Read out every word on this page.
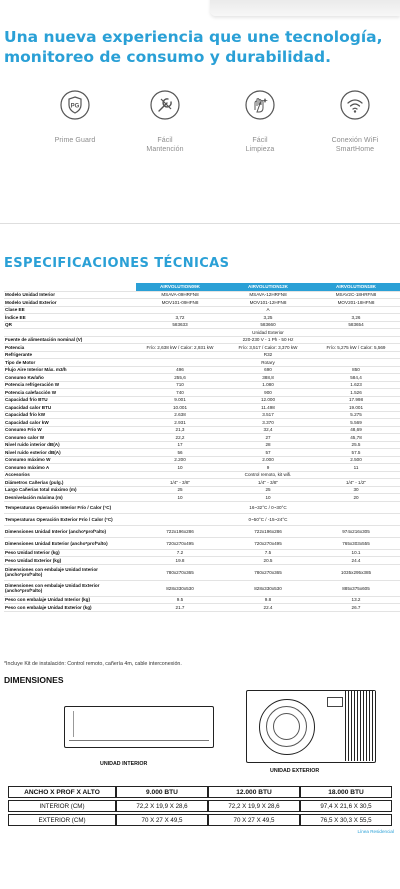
Una nueva experiencia que une tecnología, monitoreo de consumo y durabilidad.
PG
Prime Guard	Fácil
Mantención
Fácil
Limpieza
Conexión WiFi
SmartHome
ESPECIFICACIONES TÉCNICAS
	AIRVOLUTION09K	AIRVOLUTION12K	AIRVOLUTION18K
Modelo Unidad Interior	MSAVA-09HRFN8	MSAVA-12HRFN8	MSAV2C-18HRFN8
Modelo Unidad Exterior	MOV101-09HFN8	MOV101-12HFN8	MOV201-18HFN8
Clase EE		A	
Índice EE	3,72	3,25	3,26
QR	583633	583660	583654
		Unidad Exterior	
Fuente de alimentación nominal (V)		220-230 V - 1 Ph - 50 Hz	
Potencia	Frío: 2,638 kW / Calor: 2,931 kW	Frío: 3,517 / Calor: 3,370 kW	Frío: 5,275 kW / Calor: 5,569
Refrigerante		R32	
Tipo de Motor		Rotary	
Flujo Aire Interior Máx. m3/h	496	690	850
Consumo Kw/año	255,6	388,8	584,4
Potencia refrigeración W	710	1.080	1.623
Potencia calefacción W	740	900	1.526
Capacidad frío BTU	9.001	12.000	17.998
Capacidad calor BTU	10.001	11.498	19.001
Capacidad frío kW	2.638	3.517	5.275
Capacidad calor kW	2.931	3.370	5.569
Consumo Frío W	21,3	32,4	48,69
Consumo calor W	22,2	27	45,78
Nivel ruido interior dB(A)	17	28	25.5
Nivel ruido exterior dB(A)	56	57	57.5
Consumo máximo W	2.200	2.000	2.500
Consumo máximo A	10	9	11
Accesorios		Control remoto, kit wifi.	
Diámetros Cañerías (pulg.)	1/4" - 3/8"	1/4" - 3/8"	1/4" - 1/2"
Largo Cañerías total máximo (m)	25	25	30
Desnivelación máxima (m)	10	10	20
Temperaturas Operación Interior Frío / Calor (°C)		16~32°C / 0~30°C	
Temperaturas Operación Exterior Frío / Calor (°C)		0~50°C / -15~24°C	
Dimensiones Unidad Interior (ancho*prof*alto)	722x196x286	722x196x286	974x216x305
Dimensiones Unidad Exterior (ancho*prof*alto)	720x270x495	720x270x495	765x303x555
Peso Unidad Interior (kg)	7.2	7.5	10.1
Peso Unidad Exterior (kg)	19.8	20.5	24.4
Dimensiones con embalaje Unidad Interior (ancho*prof*alto)	780x270x365	780x270x365	1035x295x385
Dimensiones con embalaje Unidad Exterior (ancho*prof*alto)	828x330x530	828x330x530	885x375x605
Peso con embalaje Unidad Interior (kg)	9.5	9.8	13.2
Peso con embalaje Unidad Exterior (kg)	21.7	22.4	26.7

*Incluye Kit de instalación: Control remoto, cañería 4m, cable interconexión.

DIMENSIONES
UNIDAD INTERIOR
UNIDAD EXTERIOR
ANCHO X PROF X ALTO	9.000 BTU	12.000 BTU	18.000 BTU
INTERIOR (CM)	72,2 X 19,9 X 28,6	72,2 X 19,9 X 28,6	97,4 X 21,6 X 30,5
EXTERIOR (CM)	70 X 27 X 49,5	70 X 27 X 49,5	76,5 X 30,3 X 55,5
Línea Residencial
